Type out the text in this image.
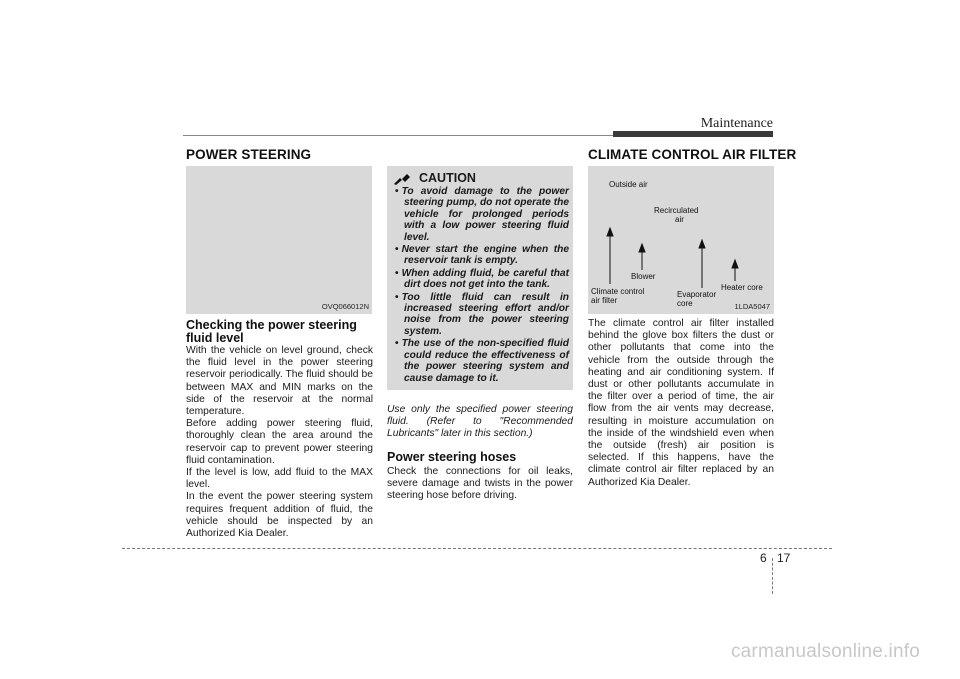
Maintenance
POWER STEERING
OVQ066012N
Checking the power steering fluid level

With the vehicle on level ground, check the fluid level in the power steering reservoir periodically. The fluid should be between MAX and MIN marks on the side of the reservoir at the normal temperature.

Before adding power steering fluid, thoroughly clean the area around the reservoir cap to prevent power steering fluid contamination.

If the level is low, add fluid to the MAX level.

In the event the power steering system requires frequent addition of fluid, the vehicle should be inspected by an Authorized Kia Dealer.

CAUTION
• To avoid damage to the power steering pump, do not operate the vehicle for prolonged periods with a low power steering fluid level.
• Never start the engine when the reservoir tank is empty.
• When adding fluid, be careful that dirt does not get into the tank.
• Too little fluid can result in increased steering effort and/or noise from the power steering system.
• The use of the non-specified fluid could reduce the effectiveness of the power steering system and cause damage to it.
Use only the specified power steering fluid. (Refer to "Recommended Lubricants" later in this section.)
Power steering hoses
Check the connections for oil leaks, severe damage and twists in the power steering hose before driving.
CLIMATE CONTROL AIR FILTER
Outside air
Recirculated
air
Blower
Climate control
air filter
Evaporator
core
Heater core
1LDA5047
The climate control air filter installed behind the glove box filters the dust or other pollutants that come into the vehicle from the outside through the heating and air conditioning system. If dust or other pollutants accumulate in the filter over a period of time, the air flow from the air vents may decrease, resulting in moisture accumulation on the inside of the windshield even when the outside (fresh) air position is selected. If this happens, have the climate control air filter replaced by an Authorized Kia Dealer.
6 17
carmanualsonline.info
